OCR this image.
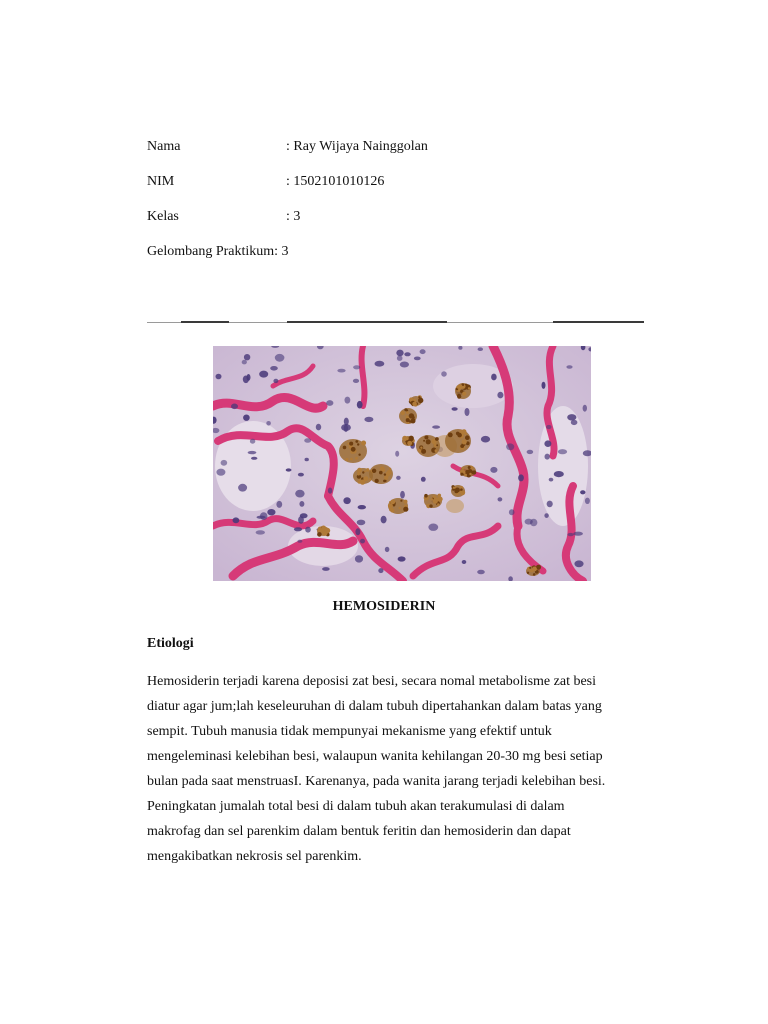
Nama	: Ray Wijaya Nainggolan
NIM	: 1502101010126
Kelas	: 3
Gelombang Praktikum: 3
HEMOSIDERIN
Etiologi
Hemosiderin terjadi karena deposisi zat besi, secara nomal metabolisme zat besi
diatur agar jum;lah keseleuruhan di dalam tubuh dipertahankan dalam batas yang
sempit. Tubuh manusia tidak mempunyai mekanisme yang efektif untuk
mengeleminasi kelebihan besi, walaupun wanita kehilangan 20-30 mg besi setiap
bulan pada saat menstruasI. Karenanya, pada wanita jarang terjadi kelebihan besi.
Peningkatan jumalah total besi di dalam tubuh akan terakumulasi di dalam
makrofag dan sel parenkim dalam bentuk feritin dan hemosiderin dan dapat
mengakibatkan nekrosis sel parenkim.
